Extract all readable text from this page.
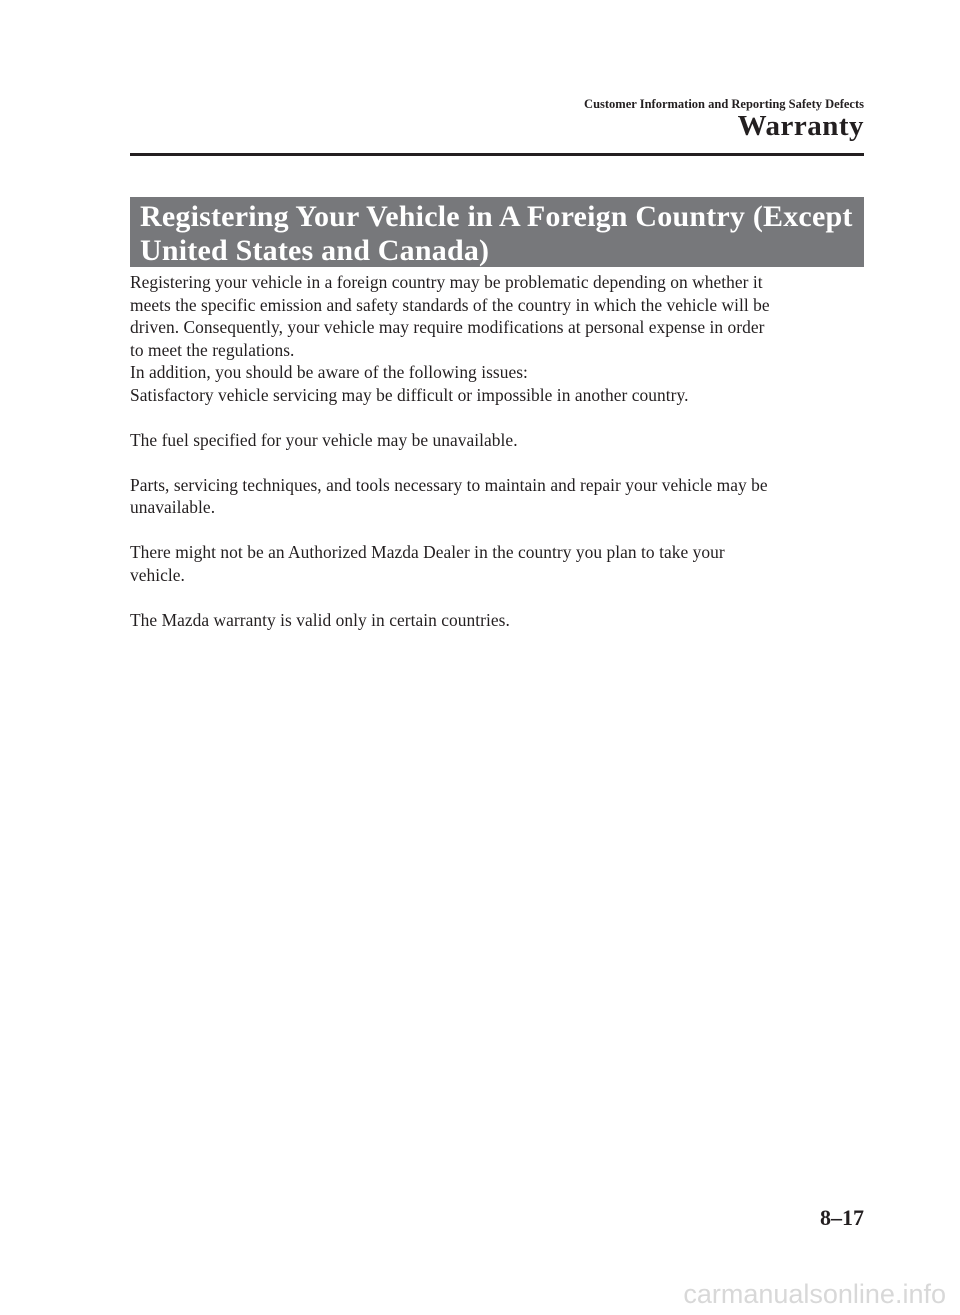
Customer Information and Reporting Safety Defects
Warranty
Registering Your Vehicle in A Foreign Country (Except
United States and Canada)

Registering your vehicle in a foreign country may be problematic depending on whether it

meets the specific emission and safety standards of the country in which the vehicle will be

driven. Consequently, your vehicle may require modifications at personal expense in order

to meet the regulations.

In addition, you should be aware of the following issues:

Satisfactory vehicle servicing may be difficult or impossible in another country.

The fuel specified for your vehicle may be unavailable.

Parts, servicing techniques, and tools necessary to maintain and repair your vehicle may be

unavailable.

There might not be an Authorized Mazda Dealer in the country you plan to take your

vehicle.

The Mazda warranty is valid only in certain countries.

8–17
carmanualsonline.info
